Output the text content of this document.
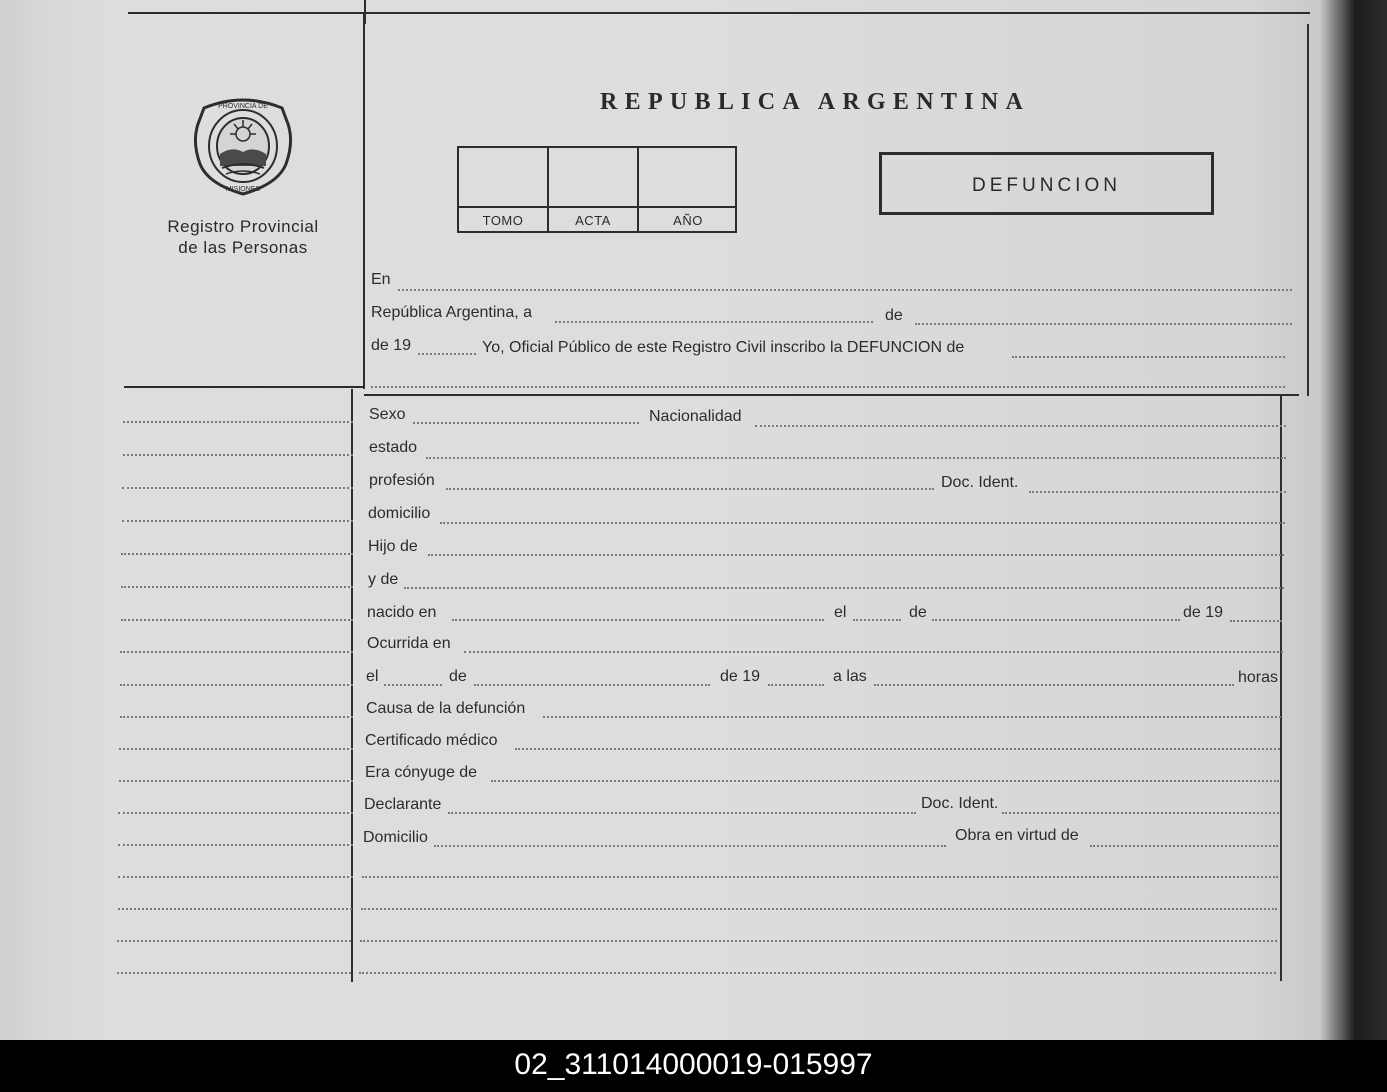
PROVINCIA DE
MISIONES
Registro Provincial
de las Personas
REPUBLICA ARGENTINA
TOMO	ACTA	AÑO
DEFUNCION
En
República Argentina, a	de
de 19	Yo, Oficial Público de este Registro Civil inscribo la DEFUNCION de
Sexo	Nacionalidad
estado
profesión	Doc. Ident.
domicilio
Hijo de
y de
nacido en	el	de	de 19
Ocurrida en
el	de	de 19	a las	horas
Causa de la defunción
Certificado médico
Era cónyuge de
Declarante	Doc. Ident.
Domicilio	Obra en virtud de
02_311014000019-015997
